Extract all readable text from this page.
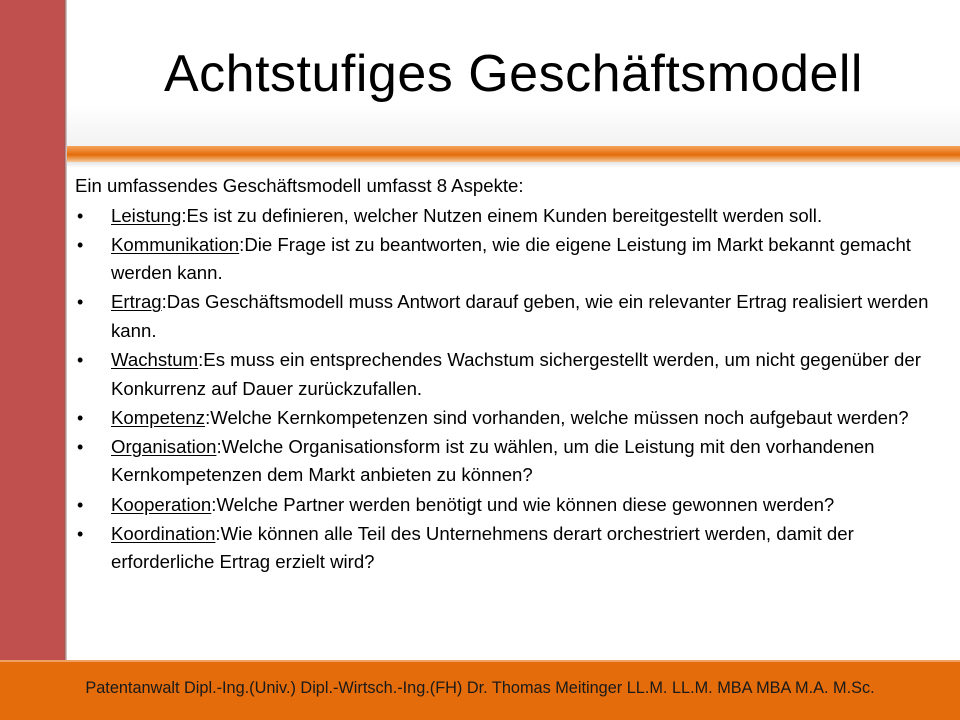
Achtstufiges Geschäftsmodell

Ein umfassendes Geschäftsmodell umfasst 8 Aspekte:

• Leistung:Es ist zu definieren, welcher Nutzen einem Kunden bereitgestellt werden soll.
• Kommunikation:Die Frage ist zu beantworten, wie die eigene Leistung im Markt bekannt gemacht werden kann.
• Ertrag:Das Geschäftsmodell muss Antwort darauf geben, wie ein relevanter Ertrag realisiert werden kann.
• Wachstum:Es muss ein entsprechendes Wachstum sichergestellt werden, um nicht gegenüber der Konkurrenz auf Dauer zurückzufallen.
• Kompetenz:Welche Kernkompetenzen sind vorhanden, welche müssen noch aufgebaut werden?
• Organisation:Welche Organisationsform ist zu wählen, um die Leistung mit den vorhandenen Kernkompetenzen dem Markt anbieten zu können?
• Kooperation:Welche Partner werden benötigt und wie können diese gewonnen werden?
• Koordination:Wie können alle Teil des Unternehmens derart orchestriert werden, damit der erforderliche Ertrag erzielt wird?
Patentanwalt Dipl.-Ing.(Univ.) Dipl.-Wirtsch.-Ing.(FH) Dr. Thomas Meitinger LL.M. LL.M. MBA MBA M.A. M.Sc.
